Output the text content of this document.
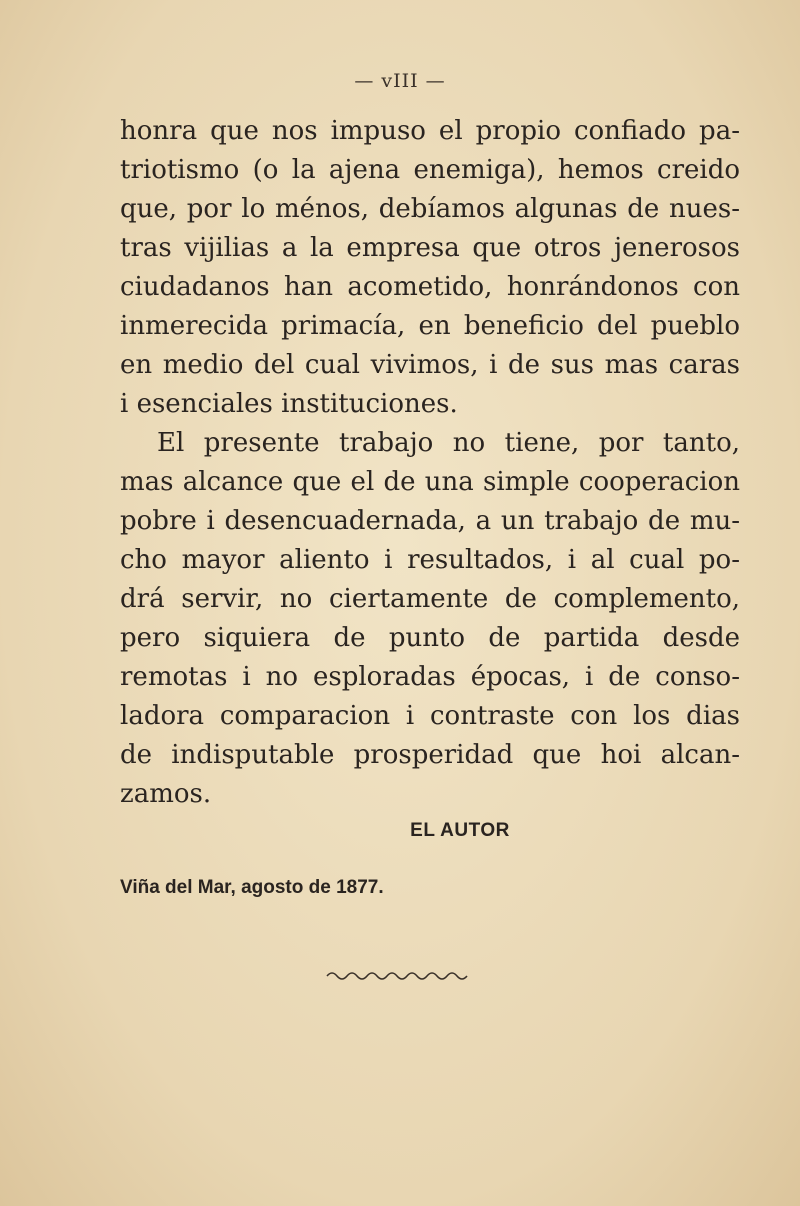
— vIII —
honra que nos impuso el propio confiado pa-
triotismo (o la ajena enemiga), hemos creido
que, por lo ménos, debíamos algunas de nues-
tras vijilias a la empresa que otros jenerosos
ciudadanos han acometido, honrándonos con
inmerecida primacía, en beneficio del pueblo
en medio del cual vivimos, i de sus mas caras
i esenciales instituciones.
El presente trabajo no tiene, por tanto,
mas alcance que el de una simple cooperacion
pobre i desencuadernada, a un trabajo de mu-
cho mayor aliento i resultados, i al cual po-
drá servir, no ciertamente de complemento,
pero siquiera de punto de partida desde
remotas i no esploradas épocas, i de conso-
ladora comparacion i contraste con los dias
de indisputable prosperidad que hoi alcan-
zamos.
EL AUTOR
Viña del Mar, agosto de 1877.
